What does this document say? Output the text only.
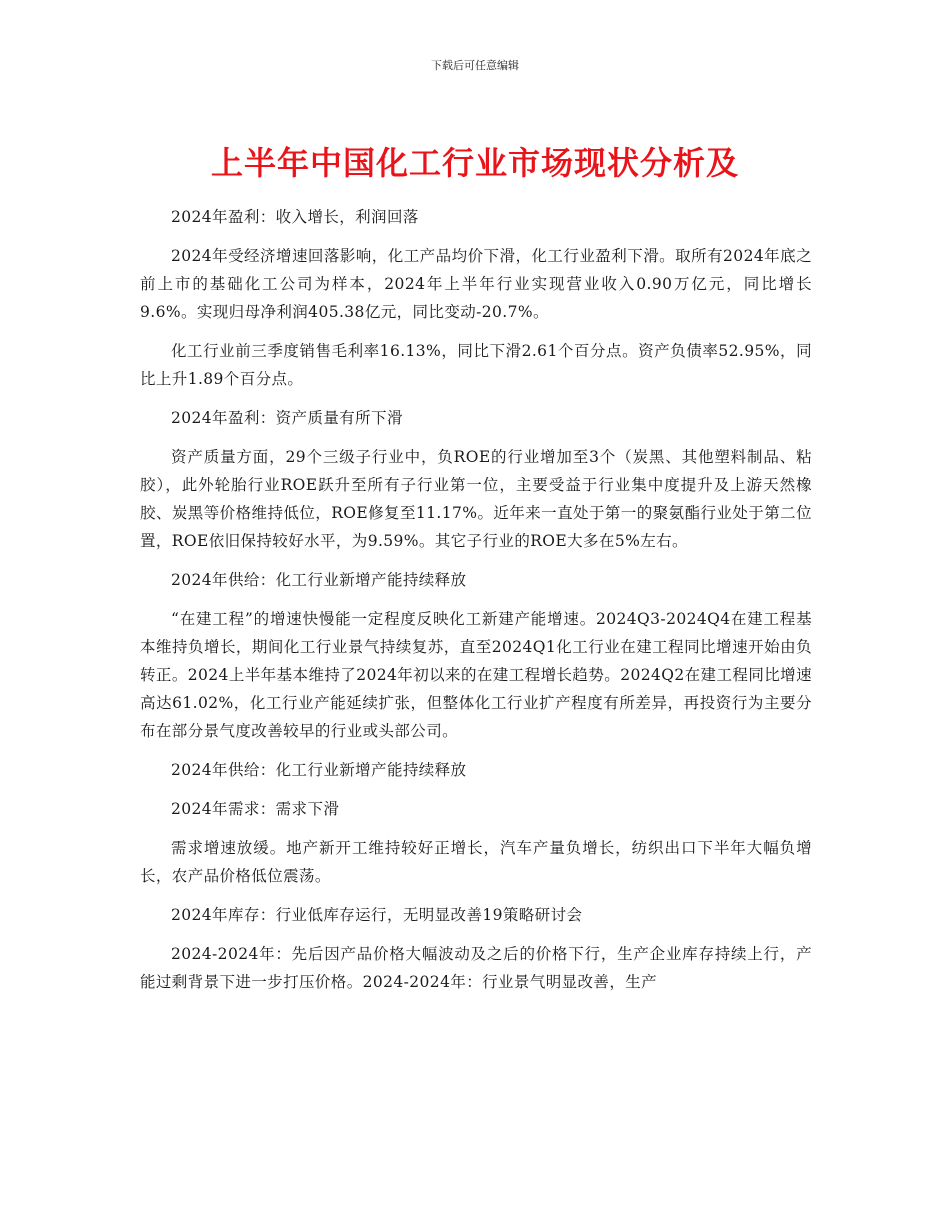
下载后可任意编辑
上半年中国化工行业市场现状分析及

2024年盈利：收入增长，利润回落

2024年受经济增速回落影响，化工产品均价下滑，化工行业盈利下滑。取所有2024年底之前上市的基础化工公司为样本，2024年上半年行业实现营业收入0.90万亿元，同比增长9.6%。实现归母净利润405.38亿元，同比变动-20.7%。

化工行业前三季度销售毛利率16.13%，同比下滑2.61个百分点。资产负债率52.95%，同比上升1.89个百分点。

2024年盈利：资产质量有所下滑

资产质量方面，29个三级子行业中，负ROE的行业增加至3个（炭黑、其他塑料制品、粘胶），此外轮胎行业ROE跃升至所有子行业第一位，主要受益于行业集中度提升及上游天然橡胶、炭黑等价格维持低位，ROE修复至11.17%。近年来一直处于第一的聚氨酯行业处于第二位置，ROE依旧保持较好水平，为9.59%。其它子行业的ROE大多在5%左右。

2024年供给：化工行业新增产能持续释放

“在建工程”的增速快慢能一定程度反映化工新建产能增速。2024Q3-2024Q4在建工程基本维持负增长，期间化工行业景气持续复苏，直至2024Q1化工行业在建工程同比增速开始由负转正。2024上半年基本维持了2024年初以来的在建工程增长趋势。2024Q2在建工程同比增速高达61.02%，化工行业产能延续扩张，但整体化工行业扩产程度有所差异，再投资行为主要分布在部分景气度改善较早的行业或头部公司。

2024年供给：化工行业新增产能持续释放

2024年需求：需求下滑

需求增速放缓。地产新开工维持较好正增长，汽车产量负增长，纺织出口下半年大幅负增长，农产品价格低位震荡。

2024年库存：行业低库存运行，无明显改善19策略研讨会

2024-2024年：先后因产品价格大幅波动及之后的价格下行，生产企业库存持续上行，产能过剩背景下进一步打压价格。2024-2024年：行业景气明显改善，生产
